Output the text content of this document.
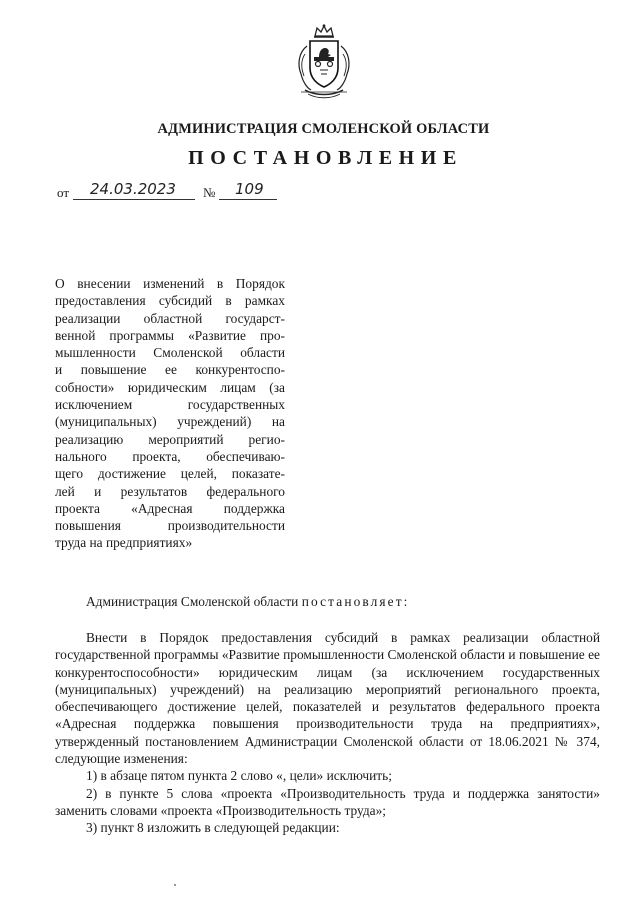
АДМИНИСТРАЦИЯ СМОЛЕНСКОЙ ОБЛАСТИ
ПОСТАНОВЛЕНИЕ
от 24.03.2023 № 109
О внесении изменений в Порядок
предоставления субсидий в рамках
реализации областной государст-
венной программы «Развитие про-
мышленности Смоленской области
и повышение ее конкурентоспо-
собности» юридическим лицам (за
исключением государственных
(муниципальных) учреждений) на
реализацию мероприятий регио-
нального проекта, обеспечиваю-
щего достижение целей, показате-
лей и результатов федерального
проекта «Адресная поддержка
повышения производительности
труда на предприятиях»
Администрация Смоленской области постановляет:

Внести в Порядок предоставления субсидий в рамках реализации областной государственной программы «Развитие промышленности Смоленской области и повышение ее конкурентоспособности» юридическим лицам (за исключением государственных (муниципальных) учреждений) на реализацию мероприятий регионального проекта, обеспечивающего достижение целей, показателей и результатов федерального проекта «Адресная поддержка повышения производительности труда на предприятиях», утвержденный постановлением Администрации Смоленской области от 18.06.2021 № 374, следующие изменения:

1) в абзаце пятом пункта 2 слово «, цели» исключить;

2) в пункте 5 слова «проекта «Производительность труда и поддержка занятости» заменить словами «проекта «Производительность труда»;

3) пункт 8 изложить в следующей редакции:
